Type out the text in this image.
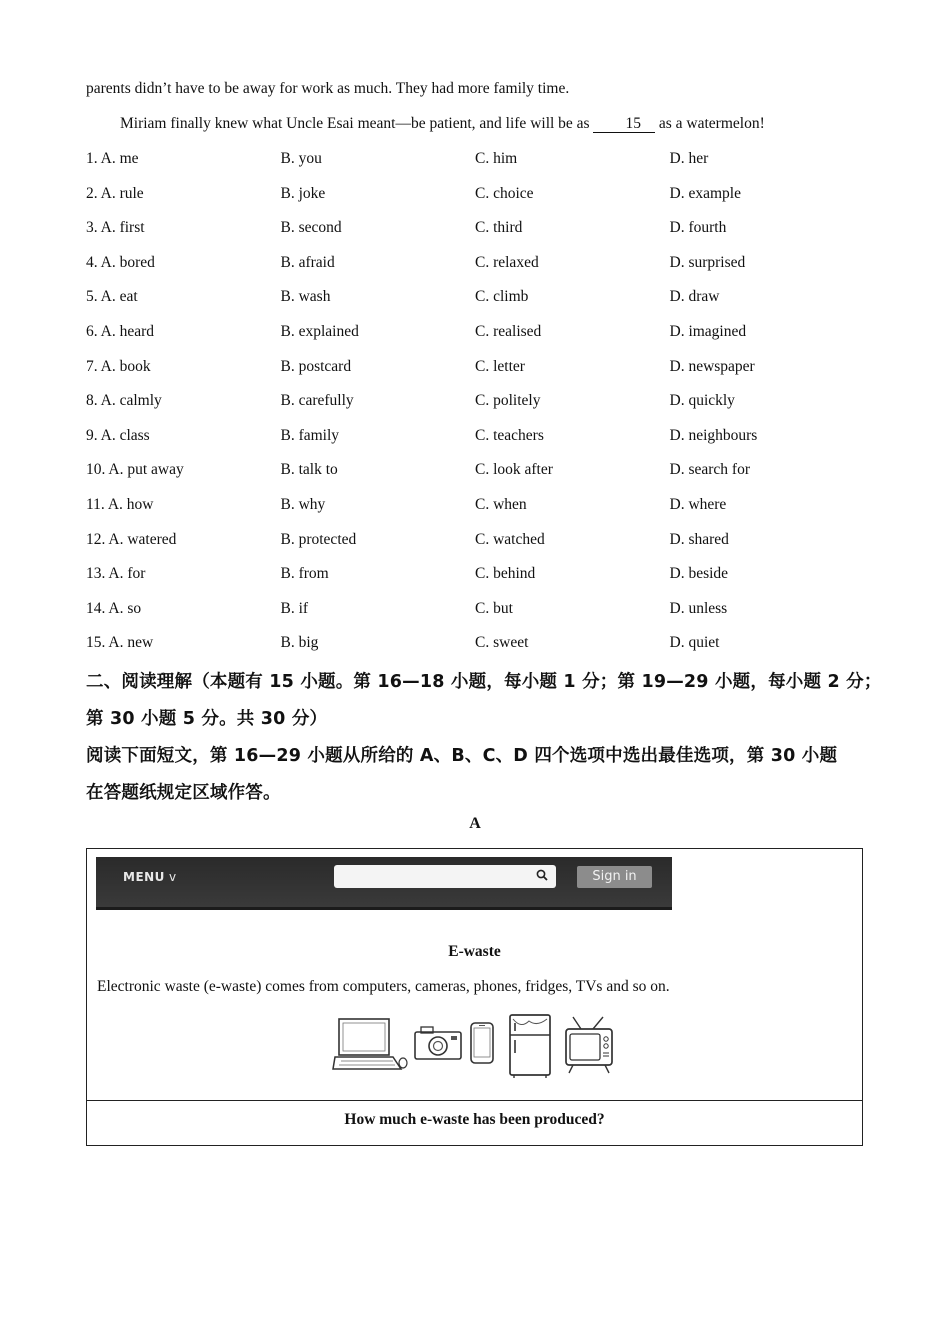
parents didn’t have to be away for work as much. They had more family time.
Miriam finally knew what Uncle Esai meant—be patient, and life will be as 15 as a watermelon!
1. A. me	B. you	C. him	D. her
2. A. rule	B. joke	C. choice	D. example
3. A. first	B. second	C. third	D. fourth
4. A. bored	B. afraid	C. relaxed	D. surprised
5. A. eat	B. wash	C. climb	D. draw
6. A. heard	B. explained	C. realised	D. imagined
7. A. book	B. postcard	C. letter	D. newspaper
8. A. calmly	B. carefully	C. politely	D. quickly
9. A. class	B. family	C. teachers	D. neighbours
10. A. put away	B. talk to	C. look after	D. search for
11. A. how	B. why	C. when	D. where
12. A. watered	B. protected	C. watched	D. shared
13. A. for	B. from	C. behind	D. beside
14. A. so	B. if	C. but	D. unless
15. A. new	B. big	C. sweet	D. quiet
二、阅读理解（本题有 15 小题。第 16—18 小题，每小题 1 分；第 19—29 小题，每小题 2 分；
第 30 小题 5 分。共 30 分）
阅读下面短文，第 16—29 小题从所给的 A、B、C、D 四个选项中选出最佳选项，第 30 小题
在答题纸规定区域作答。
A
MENU v	Sign in
E-waste
Electronic waste (e-waste) comes from computers, cameras, phones, fridges, TVs and so on.
How much e-waste has been produced?
